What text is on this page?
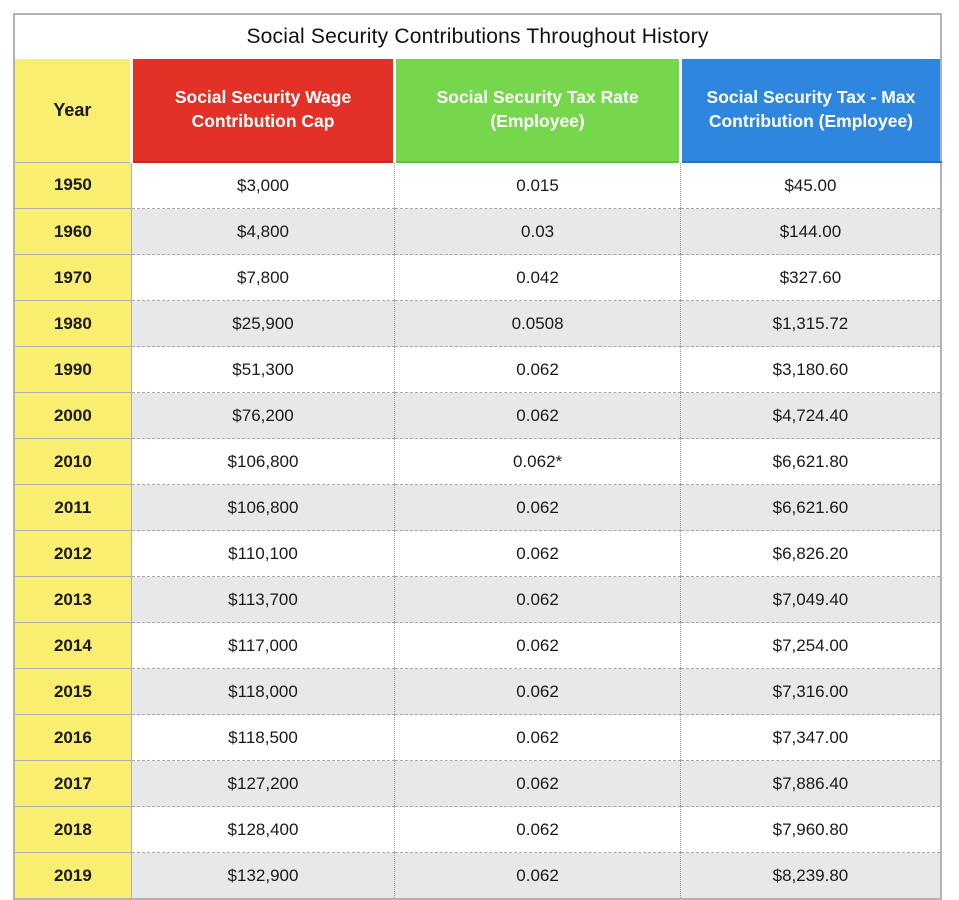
Social Security Contributions Throughout History			
Year	Social Security Wage Contribution Cap	Social Security Tax Rate (Employee)	Social Security Tax - Max Contribution (Employee)
1950	$3,000	0.015	$45.00
1960	$4,800	0.03	$144.00
1970	$7,800	0.042	$327.60
1980	$25,900	0.0508	$1,315.72
1990	$51,300	0.062	$3,180.60
2000	$76,200	0.062	$4,724.40
2010	$106,800	0.062*	$6,621.80
2011	$106,800	0.062	$6,621.60
2012	$110,100	0.062	$6,826.20
2013	$113,700	0.062	$7,049.40
2014	$117,000	0.062	$7,254.00
2015	$118,000	0.062	$7,316.00
2016	$118,500	0.062	$7,347.00
2017	$127,200	0.062	$7,886.40
2018	$128,400	0.062	$7,960.80
2019	$132,900	0.062	$8,239.80
